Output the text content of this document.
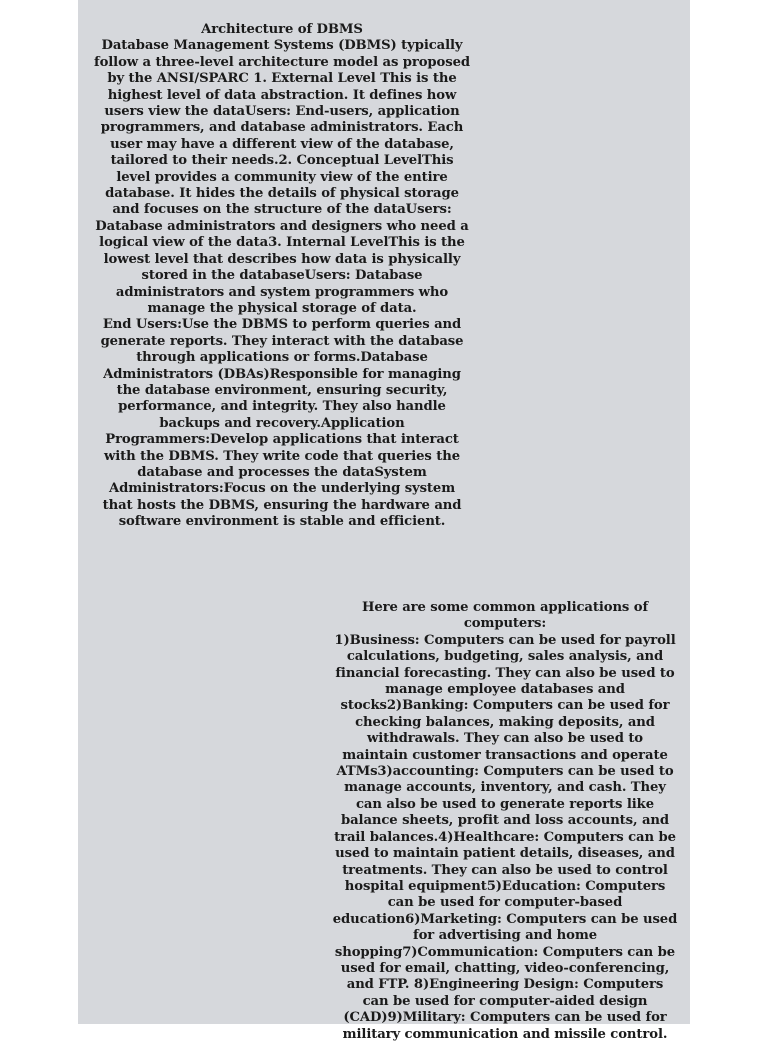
Architecture of DBMS

Database Management Systems (DBMS) typically follow a three-level architecture model as proposed by the ANSI/SPARC 1. External Level This is the highest level of data abstraction. It defines how users view the dataUsers: End-users, application programmers, and database administrators. Each user may have a different view of the database, tailored to their needs.2. Conceptual LevelThis level provides a community view of the entire database. It hides the details of physical storage and focuses on the structure of the dataUsers: Database administrators and designers who need a logical view of the data3. Internal LevelThis is the lowest level that describes how data is physically stored in the databaseUsers: Database administrators and system programmers who manage the physical storage of data.

End Users:Use the DBMS to perform queries and generate reports. They interact with the database through applications or forms.Database Administrators (DBAs)Responsible for managing the database environment, ensuring security, performance, and integrity. They also handle backups and recovery.Application Programmers:Develop applications that interact with the DBMS. They write code that queries the database and processes the dataSystem Administrators:Focus on the underlying system that hosts the DBMS, ensuring the hardware and software environment is stable and efficient.

Here are some common applications of computers:

1)Business: Computers can be used for payroll calculations, budgeting, sales analysis, and financial forecasting. They can also be used to manage employee databases and stocks2)Banking: Computers can be used for checking balances, making deposits, and withdrawals. They can also be used to maintain customer transactions and operate ATMs3)accounting: Computers can be used to manage accounts, inventory, and cash. They can also be used to generate reports like balance sheets, profit and loss accounts, and trail balances.4)Healthcare: Computers can be used to maintain patient details, diseases, and treatments. They can also be used to control hospital equipment5)Education: Computers can be used for computer-based education6)Marketing: Computers can be used for advertising and home shopping7)Communication: Computers can be used for email, chatting, video-conferencing, and FTP. 8)Engineering Design: Computers can be used for computer-aided design (CAD)9)Military: Computers can be used for military communication and missile control.
